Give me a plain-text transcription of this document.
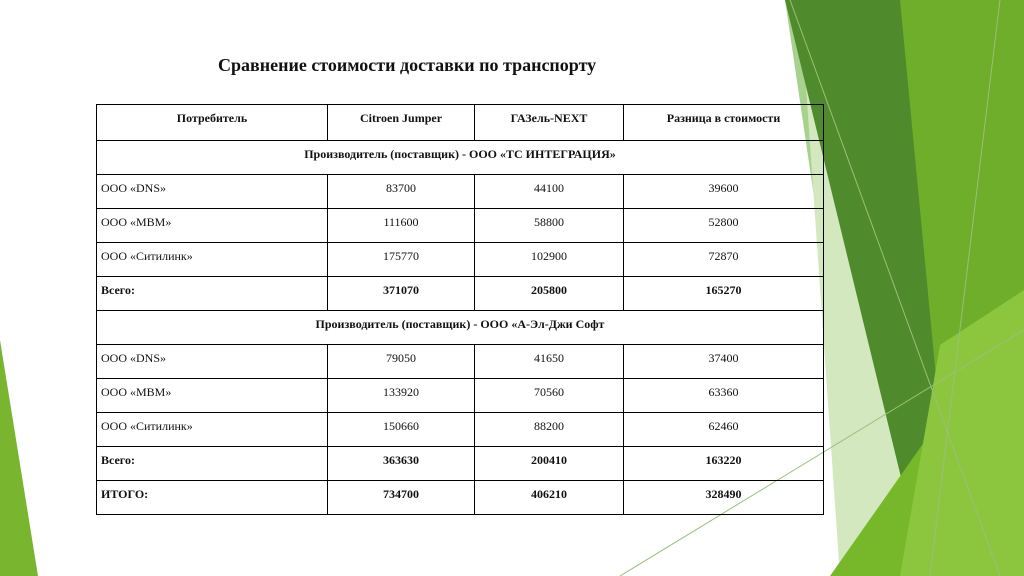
Сравнение стоимости доставки по транспорту
Потребитель	Citroen Jumper	ГАЗель-NEXT	Разница в стоимости
Производитель (поставщик) - ООО «ТС ИНТЕГРАЦИЯ»			
ООО «DNS»	83700	44100	39600
ООО «МВМ»	111600	58800	52800
ООО «Ситилинк»	175770	102900	72870
Всего:	371070	205800	165270
Производитель (поставщик) - ООО «А-Эл-Джи Софт			
ООО «DNS»	79050	41650	37400
ООО «МВМ»	133920	70560	63360
ООО «Ситилинк»	150660	88200	62460
Всего:	363630	200410	163220
ИТОГО:	734700	406210	328490
